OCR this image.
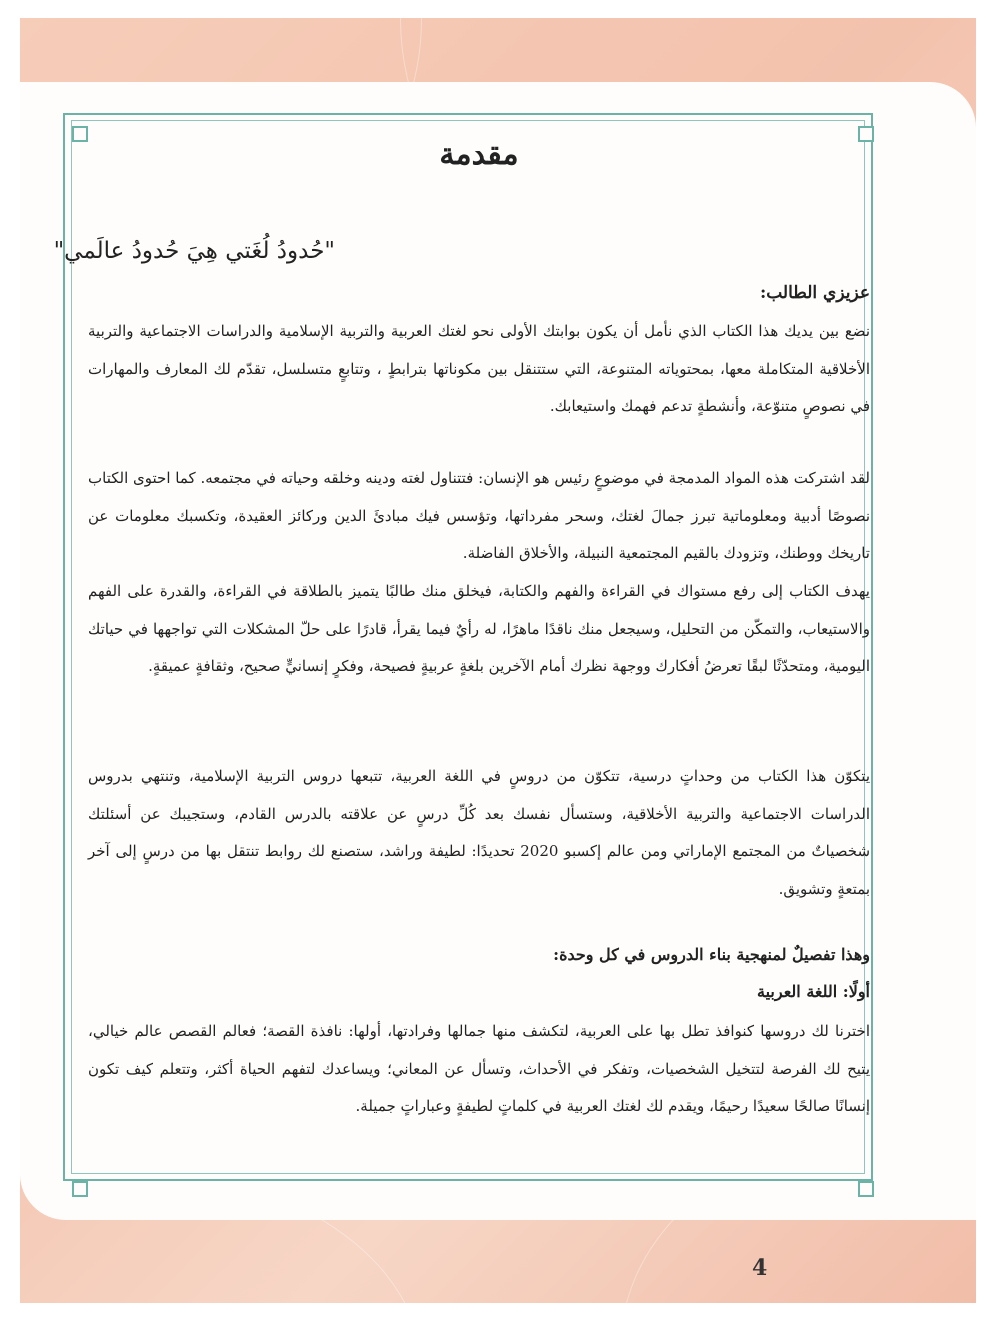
مقدمة
"حُدودُ لُغَتي هِيَ حُدودُ عالَمي"
عزيزي الطالب:

نضع بين يديك هذا الكتاب الذي نأمل أن يكون بوابتك الأولى نحو لغتك العربية والتربية الإسلامية والدراسات الاجتماعية والتربية الأخلاقية المتكاملة معها، بمحتوياته المتنوعة، التي ستتنقل بين مكوناتها بترابطٍ ، وتتابعٍ متسلسل، تقدّم لك المعارف والمهارات في نصوصٍ متنوّعة، وأنشطةٍ تدعم فهمك واستيعابك.

لقد اشتركت هذه المواد المدمجة في موضوعٍ رئيس هو الإنسان: فتتناول لغته ودينه وخلقه وحياته في مجتمعه. كما احتوى الكتاب نصوصًا أدبية ومعلوماتية تبرز جمالَ لغتك، وسحر مفرداتها، وتؤسس فيك مبادئَ الدين وركائز العقيدة، وتكسبك معلومات عن تاريخك ووطنك، وتزودك بالقيم المجتمعية النبيلة، والأخلاق الفاضلة.

يهدف الكتاب إلى رفع مستواك في القراءة والفهم والكتابة، فيخلق منك طالبًا يتميز بالطلاقة في القراءة، والقدرة على الفهم والاستيعاب، والتمكّن من التحليل، وسيجعل منك ناقدًا ماهرًا، له رأيٌ فيما يقرأ، قادرًا على حلّ المشكلات التي تواجهها في حياتك اليومية، ومتحدّثًا لبقًا تعرضُ أفكارك ووجهة نظرك أمام الآخرين بلغةٍ عربيةٍ فصيحة، وفكرٍ إنسانيٍّ صحيح، وثقافةٍ عميقةٍ.

يتكوّن هذا الكتاب من وحداتٍ درسية، تتكوّن من دروسٍ في اللغة العربية، تتبعها دروس التربية الإسلامية، وتنتهي بدروس الدراسات الاجتماعية والتربية الأخلاقية، وستسأل نفسك بعد كُلِّ درسٍ عن علاقته بالدرس القادم، وستجيبك عن أسئلتك شخصياتٌ من المجتمع الإماراتي ومن عالم إكسبو 2020 تحديدًا: لطيفة وراشد، ستصنع لك روابط تنتقل بها من درسٍ إلى آخر بمتعةٍ وتشويق.

وهذا تفصيلٌ لمنهجية بناء الدروس في كل وحدة:
أولًا: اللغة العربية

اخترنا لك دروسها كنوافذ تطل بها على العربية، لتكشف منها جمالها وفرادتها، أولها: نافذة القصة؛ فعالم القصص عالم خيالي، يتيح لك الفرصة لتتخيل الشخصيات، وتفكر في الأحداث، وتسأل عن المعاني؛ ويساعدك لتفهم الحياة أكثر، وتتعلم كيف تكون إنسانًا صالحًا سعيدًا رحيمًا، ويقدم لك لغتك العربية في كلماتٍ لطيفةٍ وعباراتٍ جميلة.

4
